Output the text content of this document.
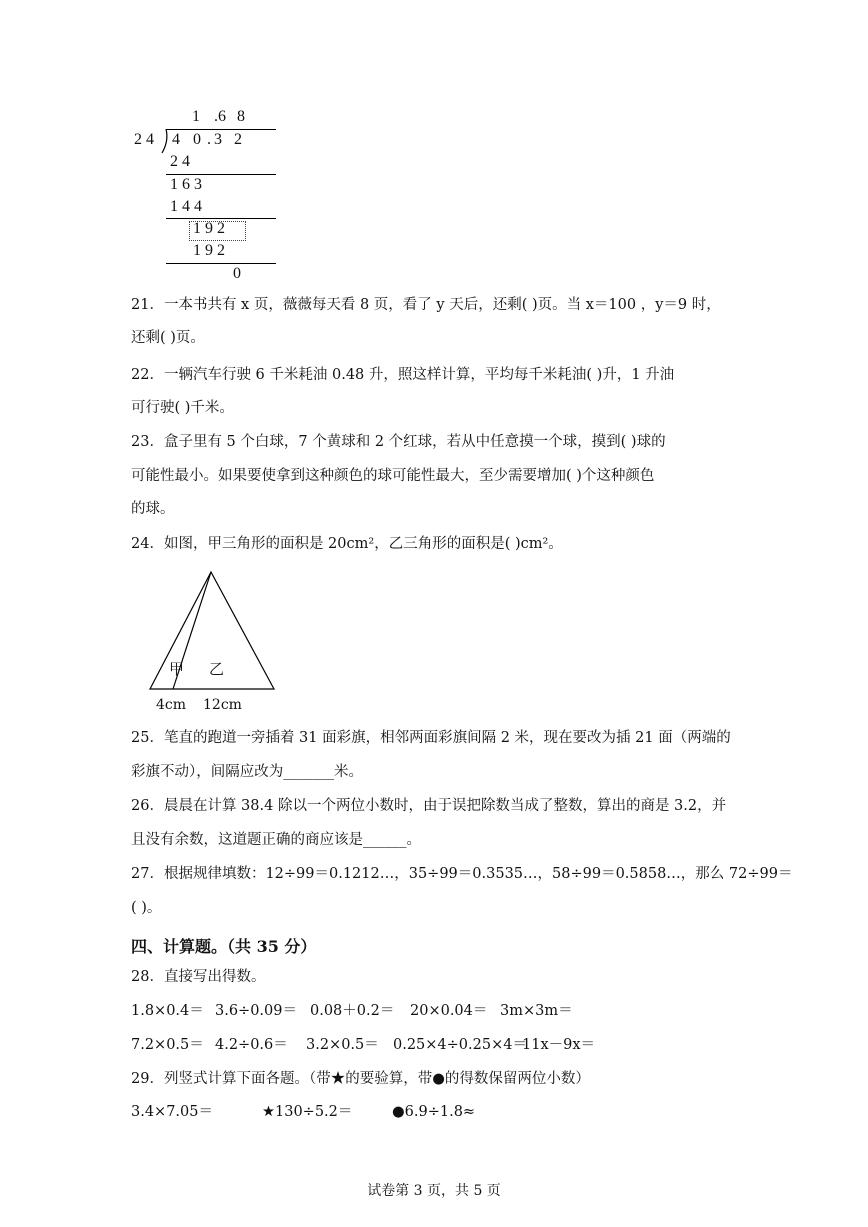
1 . 6 8
2 4 4 0 . 3 2
2 4
1 6 3
1 4 4
1 9 2
1 9 2
0
21．一本书共有 x 页，薇薇每天看 8 页，看了 y 天后，还剩( )页。当 x＝100 ，y＝9 时，
还剩( )页。
22．一辆汽车行驶 6 千米耗油 0.48 升，照这样计算，平均每千米耗油( )升，1 升油
可行驶( )千米。
23．盒子里有 5 个白球，7 个黄球和 2 个红球，若从中任意摸一个球，摸到( )球的
可能性最小。如果要使拿到这种颜色的球可能性最大，至少需要增加( )个这种颜色
的球。
24．如图，甲三角形的面积是 20cm²，乙三角形的面积是( )cm²。
甲 乙
4cm 12cm
25．笔直的跑道一旁插着 31 面彩旗，相邻两面彩旗间隔 2 米，现在要改为插 21 面（两端的
彩旗不动），间隔应改为_______米。
26．晨晨在计算 38.4 除以一个两位小数时，由于误把除数当成了整数，算出的商是 3.2，并
且没有余数，这道题正确的商应该是______。
27．根据规律填数：12÷99＝0.1212…，35÷99＝0.3535…，58÷99＝0.5858…，那么 72÷99＝
( )。
四、计算题。（共 35 分）
28．直接写出得数。
1.8×0.4＝ 3.6÷0.09＝ 0.08＋0.2＝ 20×0.04＝ 3m×3m＝
7.2×0.5＝ 4.2÷0.6＝ 3.2×0.5＝ 0.25×4÷0.25×4＝
11x－9x＝
29．列竖式计算下面各题。（带★的要验算，带●的得数保留两位小数）
3.4×7.05＝	★130÷5.2＝	●6.9÷1.8≈
试卷第 3 页，共 5 页
